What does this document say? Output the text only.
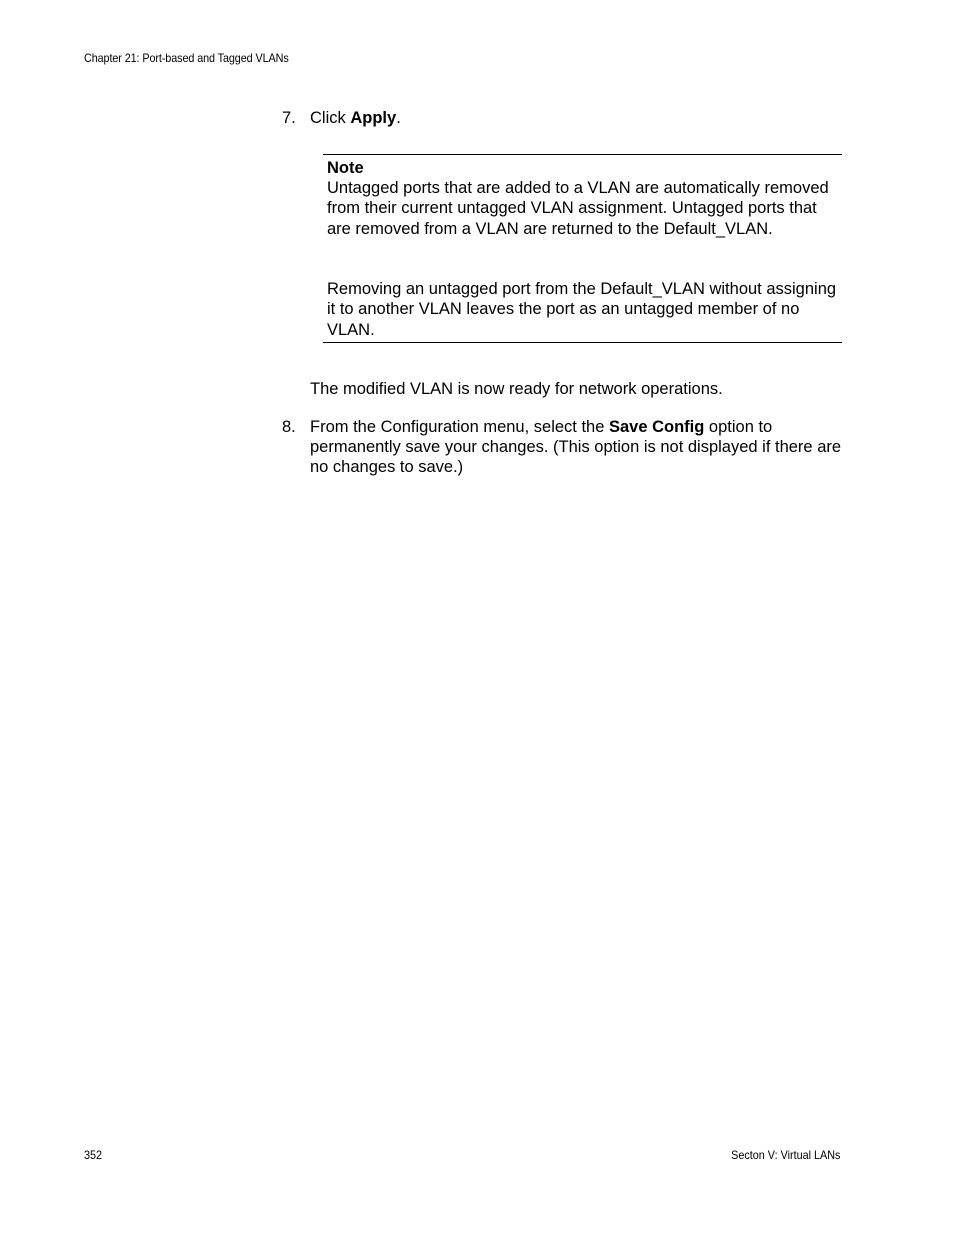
Chapter 21: Port-based and Tagged VLANs
7. Click Apply.
Note
Untagged ports that are added to a VLAN are automatically removed from their current untagged VLAN assignment. Untagged ports that are removed from a VLAN are returned to the Default_VLAN.
Removing an untagged port from the Default_VLAN without assigning it to another VLAN leaves the port as an untagged member of no VLAN.
The modified VLAN is now ready for network operations.
8. From the Configuration menu, select the Save Config option to permanently save your changes. (This option is not displayed if there are no changes to save.)
352	Secton V: Virtual LANs
